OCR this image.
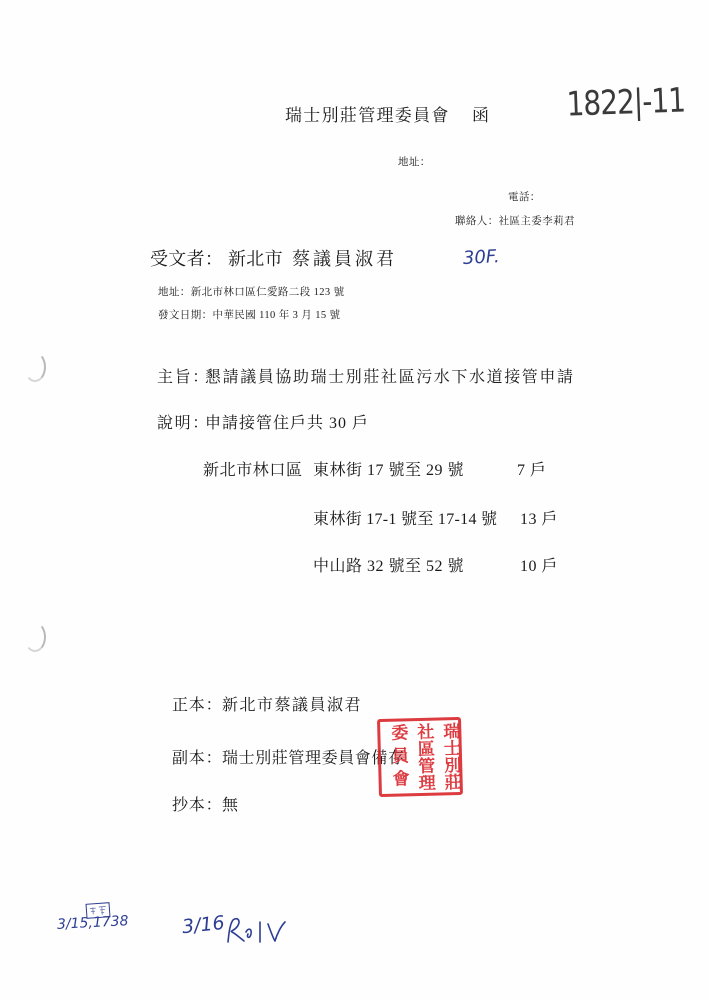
瑞士別莊管理委員會 函	1822|-11
地址：
電話：
聯絡人：社區主委李莉君
受文者： 新北市 蔡議員淑君	30F.
地址：新北市林口區仁愛路二段 123 號
發文日期：中華民國 110 年 3 月 15 號
主旨：
懇請議員協助瑞士別莊社區污水下水道接管申請
說明：
申請接管住戶共 30 戶
新北市林口區 東林街 17 號至 29 號	7 戶
東林街 17-1 號至 17-14 號 13 戶
中山路 32 號至 52 號	10 戶
正本： 新北市蔡議員淑君
副本： 瑞士別莊管理委員會備存
抄本： 無
瑞士別莊
社區管理
委員會
3/15,1738	3/16
